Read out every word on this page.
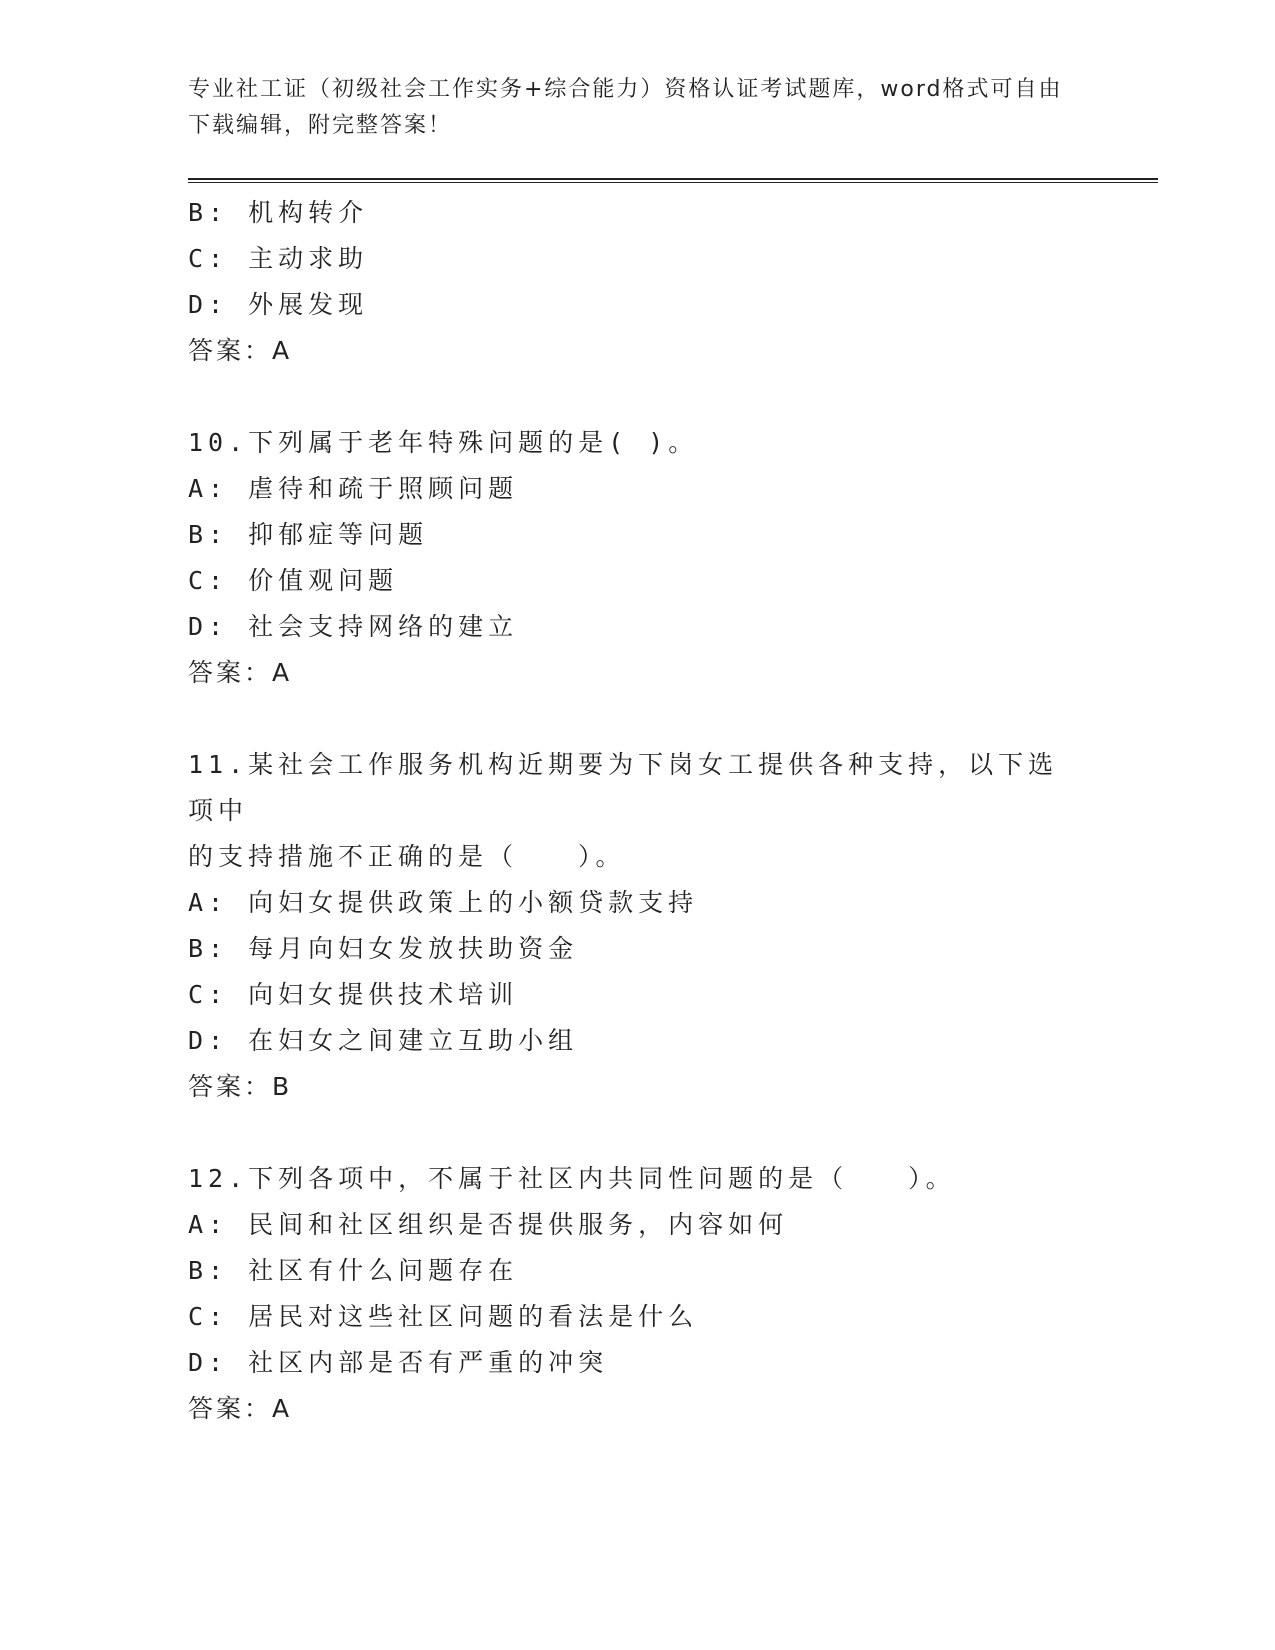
专业社工证（初级社会工作实务+综合能力）资格认证考试题库，word格式可自由
下载编辑，附完整答案！
B: 机构转介
C: 主动求助
D: 外展发现
答案：A
10.下列属于老年特殊问题的是( )。
A: 虐待和疏于照顾问题
B: 抑郁症等问题
C: 价值观问题
D: 社会支持网络的建立
答案：A
11.某社会工作服务机构近期要为下岗女工提供各种支持，以下选项中
的支持措施不正确的是（　　）。
A: 向妇女提供政策上的小额贷款支持
B: 每月向妇女发放扶助资金
C: 向妇女提供技术培训
D: 在妇女之间建立互助小组
答案：B
12.下列各项中，不属于社区内共同性问题的是（　　）。
A: 民间和社区组织是否提供服务，内容如何
B: 社区有什么问题存在
C: 居民对这些社区问题的看法是什么
D: 社区内部是否有严重的冲突
答案：A
